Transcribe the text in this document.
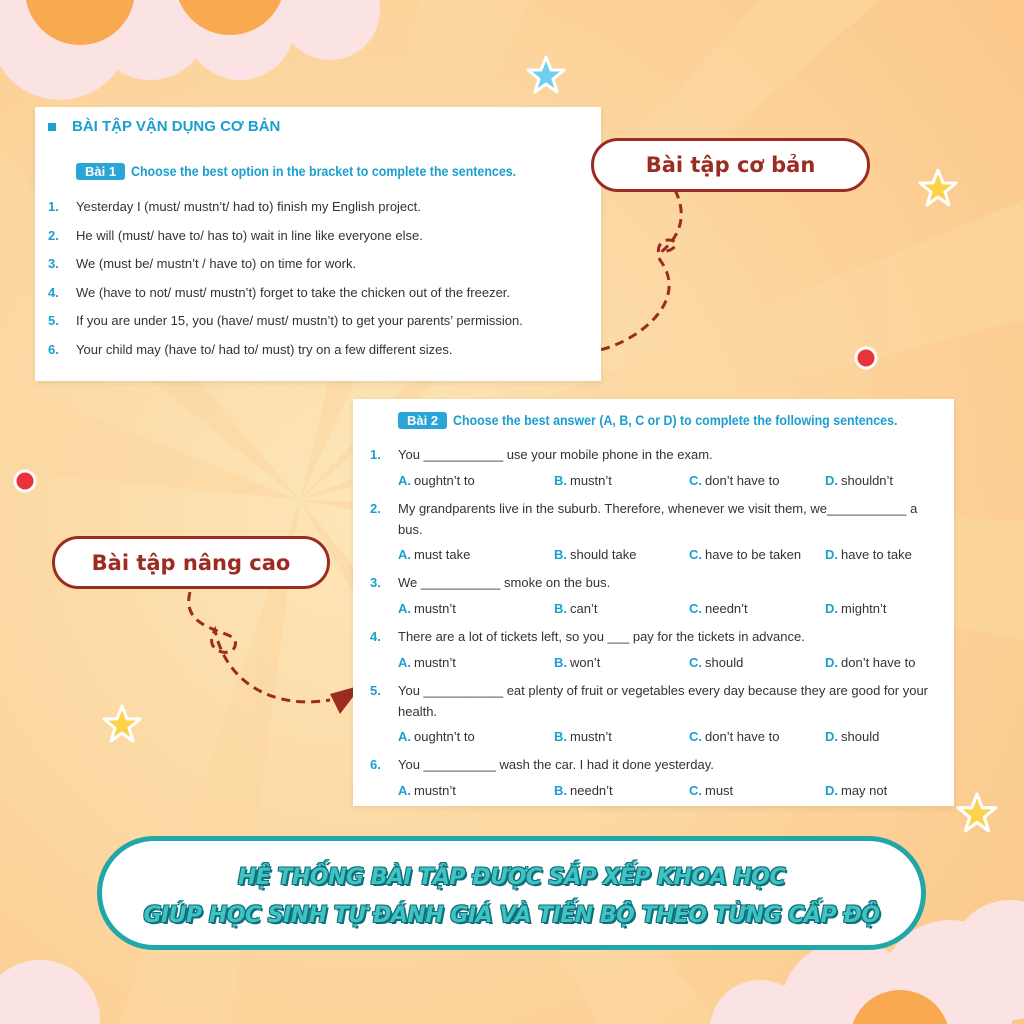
BÀI TẬP VẬN DỤNG CƠ BẢN
Bài 1	Choose the best option in the bracket to complete the sentences.
1. Yesterday I (must/ mustn’t/ had to) finish my English project.
2. He will (must/ have to/ has to) wait in line like everyone else.
3. We (must be/ mustn’t / have to) on time for work.
4. We (have to not/ must/ mustn’t) forget to take the chicken out of the freezer.
5. If you are under 15, you (have/ must/ mustn’t) to get your parents’ permission.
6. Your child may (have to/ had to/ must) try on a few different sizes.
Bài 2	Choose the best answer (A, B, C or D) to complete the following sentences.
1. You ___________ use your mobile phone in the exam.
A. oughtn’t to	B. mustn’t	C. don’t have to	D. shouldn’t
2. My grandparents live in the suburb. Therefore, whenever we visit them, we___________ a
bus.
A. must take	B. should take	C. have to be taken D. have to take
3. We ___________ smoke on the bus.
A. mustn’t	B. can’t	C. needn’t	D. mightn’t
4. There are a lot of tickets left, so you ___ pay for the tickets in advance.
A. mustn’t	B. won’t	C. should	D. don’t have to
5. You ___________ eat plenty of fruit or vegetables every day because they are good for your
health.
A. oughtn’t to	B. mustn’t	C. don’t have to	D. should
6. You __________ wash the car. I had it done yesterday.
A. mustn’t	B. needn’t	C. must	D. may not
Bài tập cơ bản
Bài tập nâng cao
HỆ THỐNG BÀI TẬP ĐƯỢC SẮP XẾP KHOA HỌC
GIÚP HỌC SINH TỰ ĐÁNH GIÁ VÀ TIẾN BỘ THEO TỪNG CẤP ĐỘ
